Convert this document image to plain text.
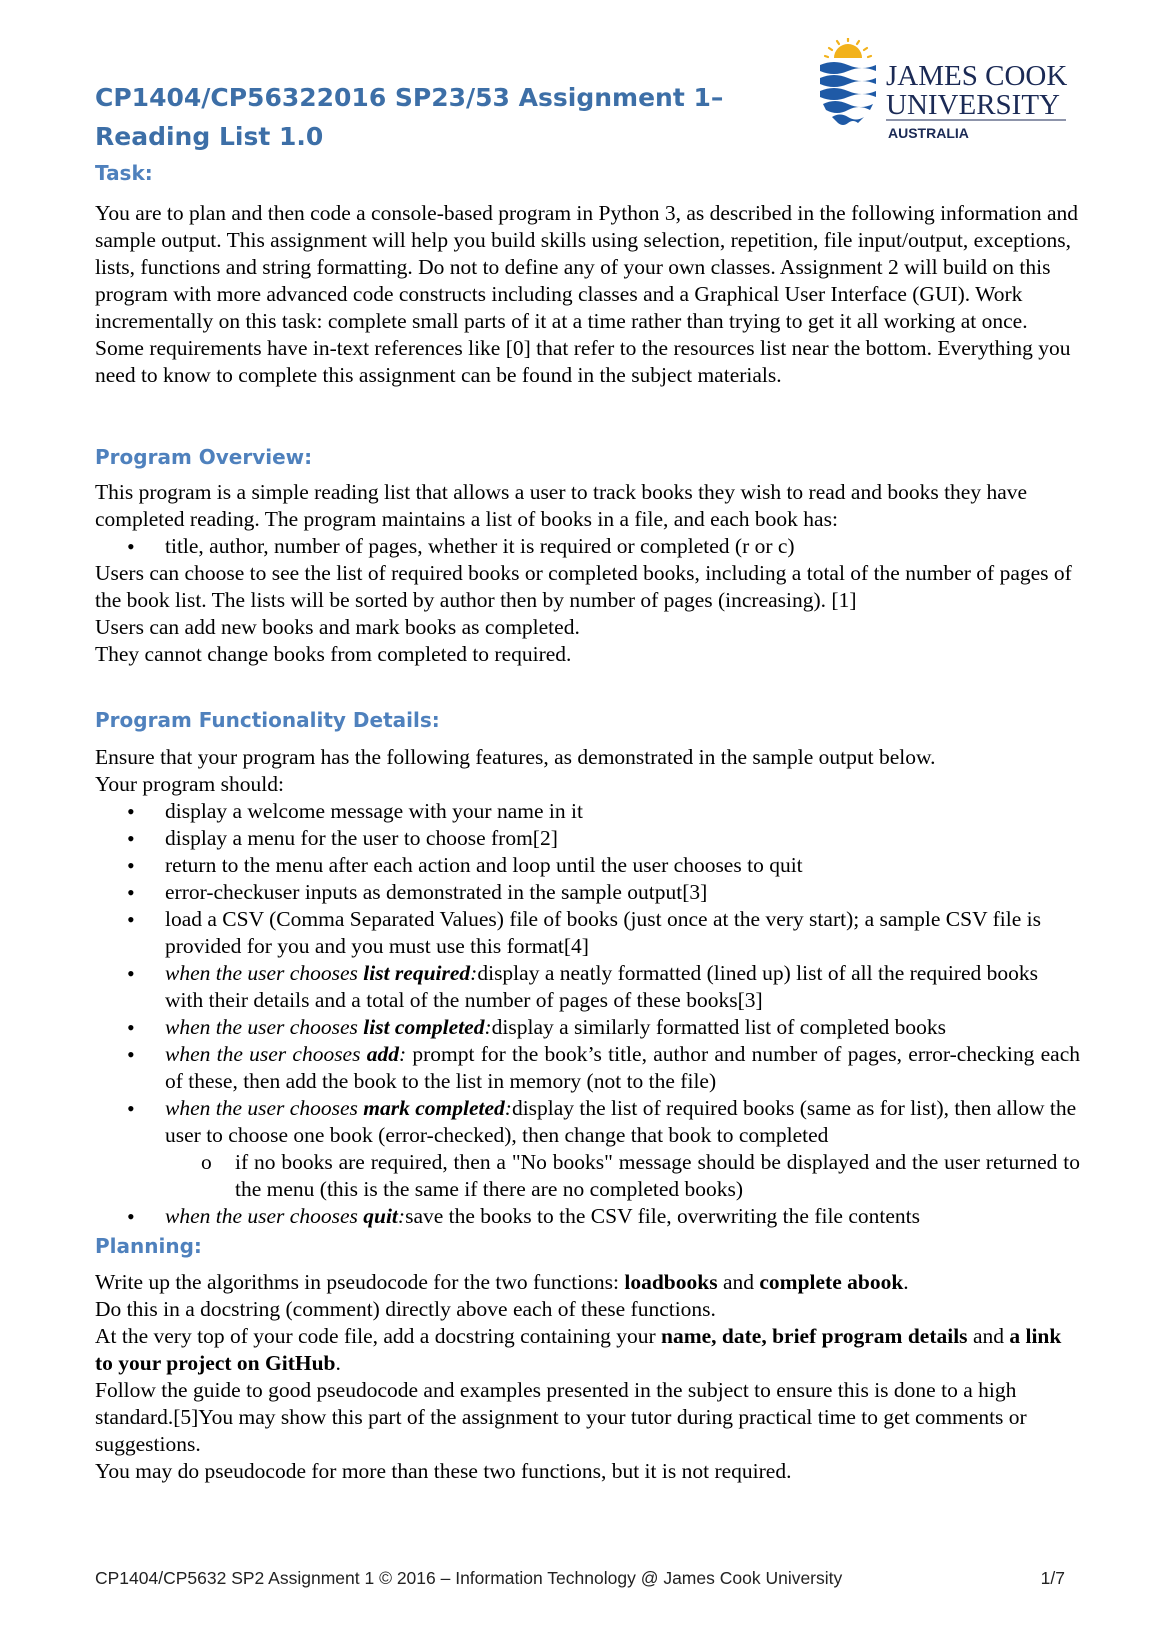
CP1404/CP56322016 SP23/53 Assignment 1–
Reading List 1.0
JAMES COOK
UNIVERSITY
AUSTRALIA
Task:

You are to plan and then code a console-based program in Python 3, as described in the following information and sample output. This assignment will help you build skills using selection, repetition, file input/output, exceptions, lists, functions and string formatting. Do not to define any of your own classes. Assignment 2 will build on this program with more advanced code constructs including classes and a Graphical User Interface (GUI). Work incrementally on this task: complete small parts of it at a time rather than trying to get it all working at once. Some requirements have in-text references like [0] that refer to the resources list near the bottom. Everything you need to know to complete this assignment can be found in the subject materials.

Program Overview:

This program is a simple reading list that allows a user to track books they wish to read and books they have completed reading. The program maintains a list of books in a file, and each book has:

• title, author, number of pages, whether it is required or completed (r or c)

Users can choose to see the list of required books or completed books, including a total of the number of pages of the book list. The lists will be sorted by author then by number of pages (increasing). [1]

Users can add new books and mark books as completed.

They cannot change books from completed to required.

Program Functionality Details:

Ensure that your program has the following features, as demonstrated in the sample output below.

Your program should:

• display a welcome message with your name in it
• display a menu for the user to choose from[2]
• return to the menu after each action and loop until the user chooses to quit
• error-checkuser inputs as demonstrated in the sample output[3]
• load a CSV (Comma Separated Values) file of books (just once at the very start); a sample CSV file is provided for you and you must use this format[4]
• when the user chooses list required:display a neatly formatted (lined up) list of all the required books with their details and a total of the number of pages of these books[3]
• when the user chooses list completed:display a similarly formatted list of completed books
• when the user chooses add: prompt for the book’s title, author and number of pages, error-checking each of these, then add the book to the list in memory (not to the file)
• when the user chooses mark completed:display the list of required books (same as for list), then allow the user to choose one book (error-checked), then change that book to completed
o if no books are required, then a "No books" message should be displayed and the user returned to the menu (this is the same if there are no completed books)
• when the user chooses quit:save the books to the CSV file, overwriting the file contents
Planning:

Write up the algorithms in pseudocode for the two functions: loadbooks and complete abook.

Do this in a docstring (comment) directly above each of these functions.

At the very top of your code file, add a docstring containing your name, date, brief program details and a link to your project on GitHub.

Follow the guide to good pseudocode and examples presented in the subject to ensure this is done to a high standard.[5]You may show this part of the assignment to your tutor during practical time to get comments or suggestions.

You may do pseudocode for more than these two functions, but it is not required.

CP1404/CP5632 SP2 Assignment 1 © 2016 – Information Technology @ James Cook University	1/7
